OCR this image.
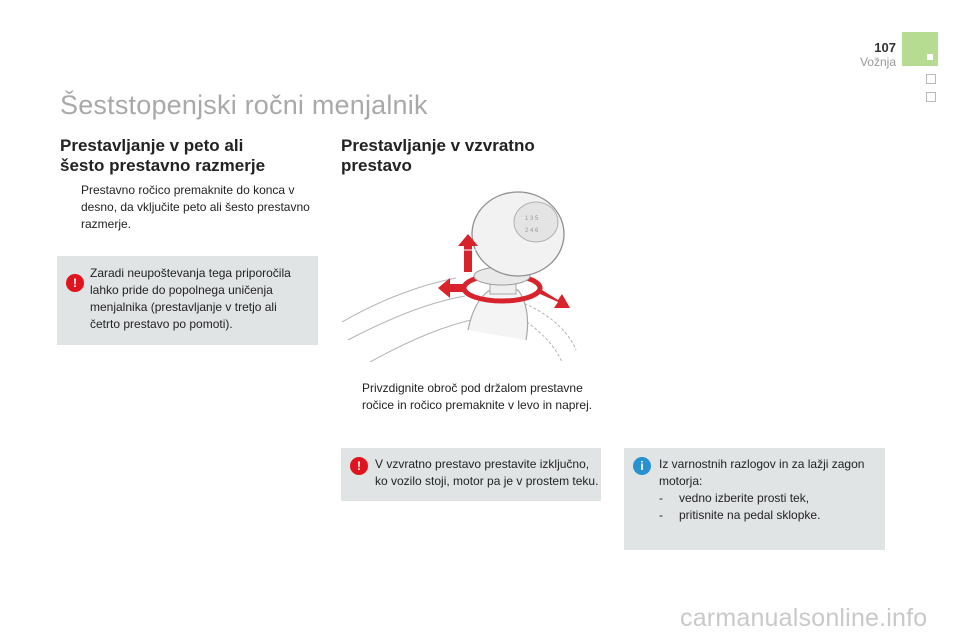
107
Vožnja
Šeststopenjski ročni menjalnik

Prestavljanje v peto ali

šesto prestavno razmerje

Prestavno ročico premaknite do konca v
desno, da vključite peto ali šesto prestavno
razmerje.
!
Zaradi neupoštevanja tega priporočila
lahko pride do popolnega uničenja
menjalnika (prestavljanje v tretjo ali
četrto prestavo po pomoti).

Prestavljanje v vzvratno

prestavo

1 3 5
2 4 6
Privzdignite obroč pod držalom prestavne
ročice in ročico premaknite v levo in naprej.
!	V vzvratno prestavo prestavite izključno,
ko vozilo stoji, motor pa je v prostem teku.
i	Iz varnostnih razlogov in za lažji zagon
motorja:
- vedno izberite prosti tek,
- pritisnite na pedal sklopke.
carmanualsonline.info
